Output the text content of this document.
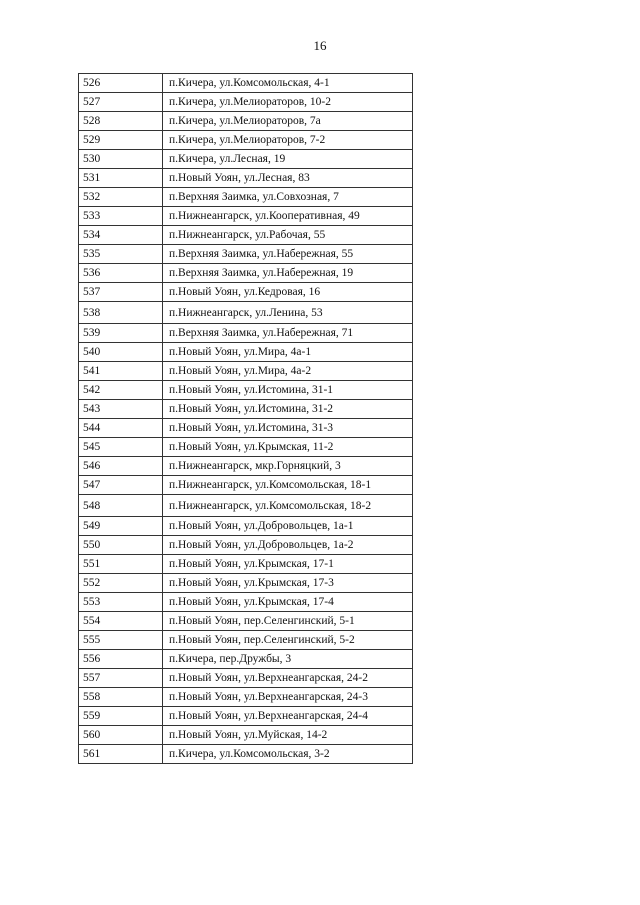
16
526	п.Кичера, ул.Комсомольская, 4-1
527	п.Кичера, ул.Мелиораторов, 10-2
528	п.Кичера, ул.Мелиораторов, 7а
529	п.Кичера, ул.Мелиораторов, 7-2
530	п.Кичера, ул.Лесная, 19
531	п.Новый Уоян, ул.Лесная, 83
532	п.Верхняя Заимка, ул.Совхозная, 7
533	п.Нижнеангарск, ул.Кооперативная, 49
534	п.Нижнеангарск, ул.Рабочая, 55
535	п.Верхняя Заимка, ул.Набережная, 55
536	п.Верхняя Заимка, ул.Набережная, 19
537	п.Новый Уоян, ул.Кедровая, 16
538	п.Нижнеангарск, ул.Ленина, 53
539	п.Верхняя Заимка, ул.Набережная, 71
540	п.Новый Уоян, ул.Мира, 4а-1
541	п.Новый Уоян, ул.Мира, 4а-2
542	п.Новый Уоян, ул.Истомина, 31-1
543	п.Новый Уоян, ул.Истомина, 31-2
544	п.Новый Уоян, ул.Истомина, 31-3
545	п.Новый Уоян, ул.Крымская, 11-2
546	п.Нижнеангарск, мкр.Горняцкий, 3
547	п.Нижнеангарск, ул.Комсомольская, 18-1
548	п.Нижнеангарск, ул.Комсомольская, 18-2
549	п.Новый Уоян, ул.Добровольцев, 1а-1
550	п.Новый Уоян, ул.Добровольцев, 1а-2
551	п.Новый Уоян, ул.Крымская, 17-1
552	п.Новый Уоян, ул.Крымская, 17-3
553	п.Новый Уоян, ул.Крымская, 17-4
554	п.Новый Уоян, пер.Селенгинский, 5-1
555	п.Новый Уоян, пер.Селенгинский, 5-2
556	п.Кичера, пер.Дружбы, 3
557	п.Новый Уоян, ул.Верхнеангарская, 24-2
558	п.Новый Уоян, ул.Верхнеангарская, 24-3
559	п.Новый Уоян, ул.Верхнеангарская, 24-4
560	п.Новый Уоян, ул.Муйская, 14-2
561	п.Кичера, ул.Комсомольская, 3-2
